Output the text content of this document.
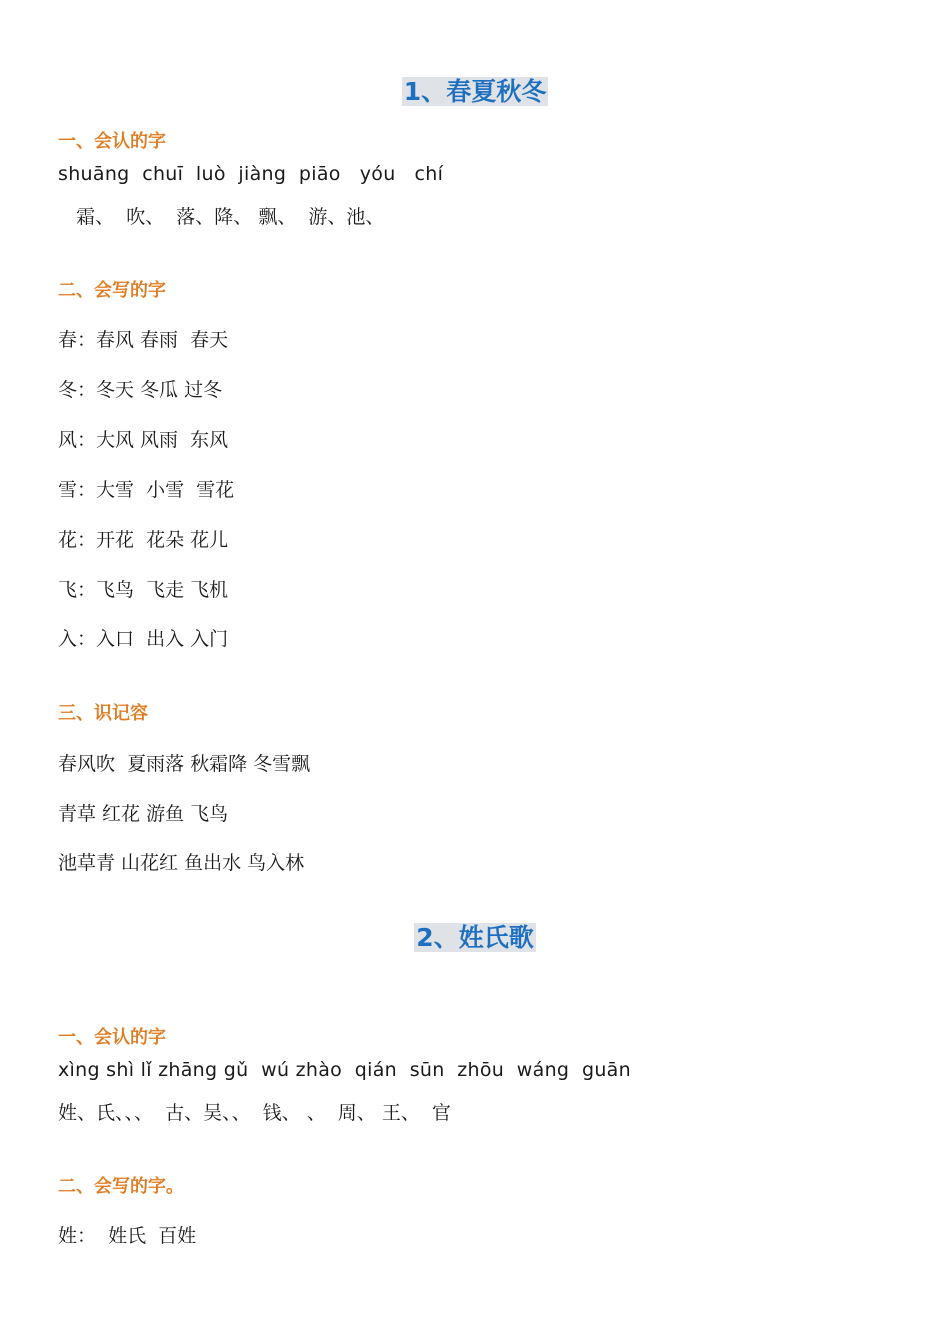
1、春夏秋冬
一、会认的字
shuāng  chuī  luò  jiàng  piāo   yóu   chí
霜、  吹、  落、降、 飘、  游、池、
二、会写的字
春：春风 春雨  春天
冬：冬天 冬瓜 过冬
风：大风 风雨  东风
雪：大雪  小雪  雪花
花：开花  花朵 花儿
飞：飞鸟  飞走 飞机
入：入口  出入 入门
三、识记容
春风吹  夏雨落 秋霜降 冬雪飘
青草 红花 游鱼 飞鸟
池草青 山花红 鱼出水 鸟入林
2、姓氏歌
一、会认的字
xìng shì lǐ zhāng gǔ  wú zhào  qián  sūn  zhōu  wáng  guān
姓、氏、、、  古、吴、、  钱、 、  周、 王、  官
二、会写的字。
姓：  姓氏  百姓
